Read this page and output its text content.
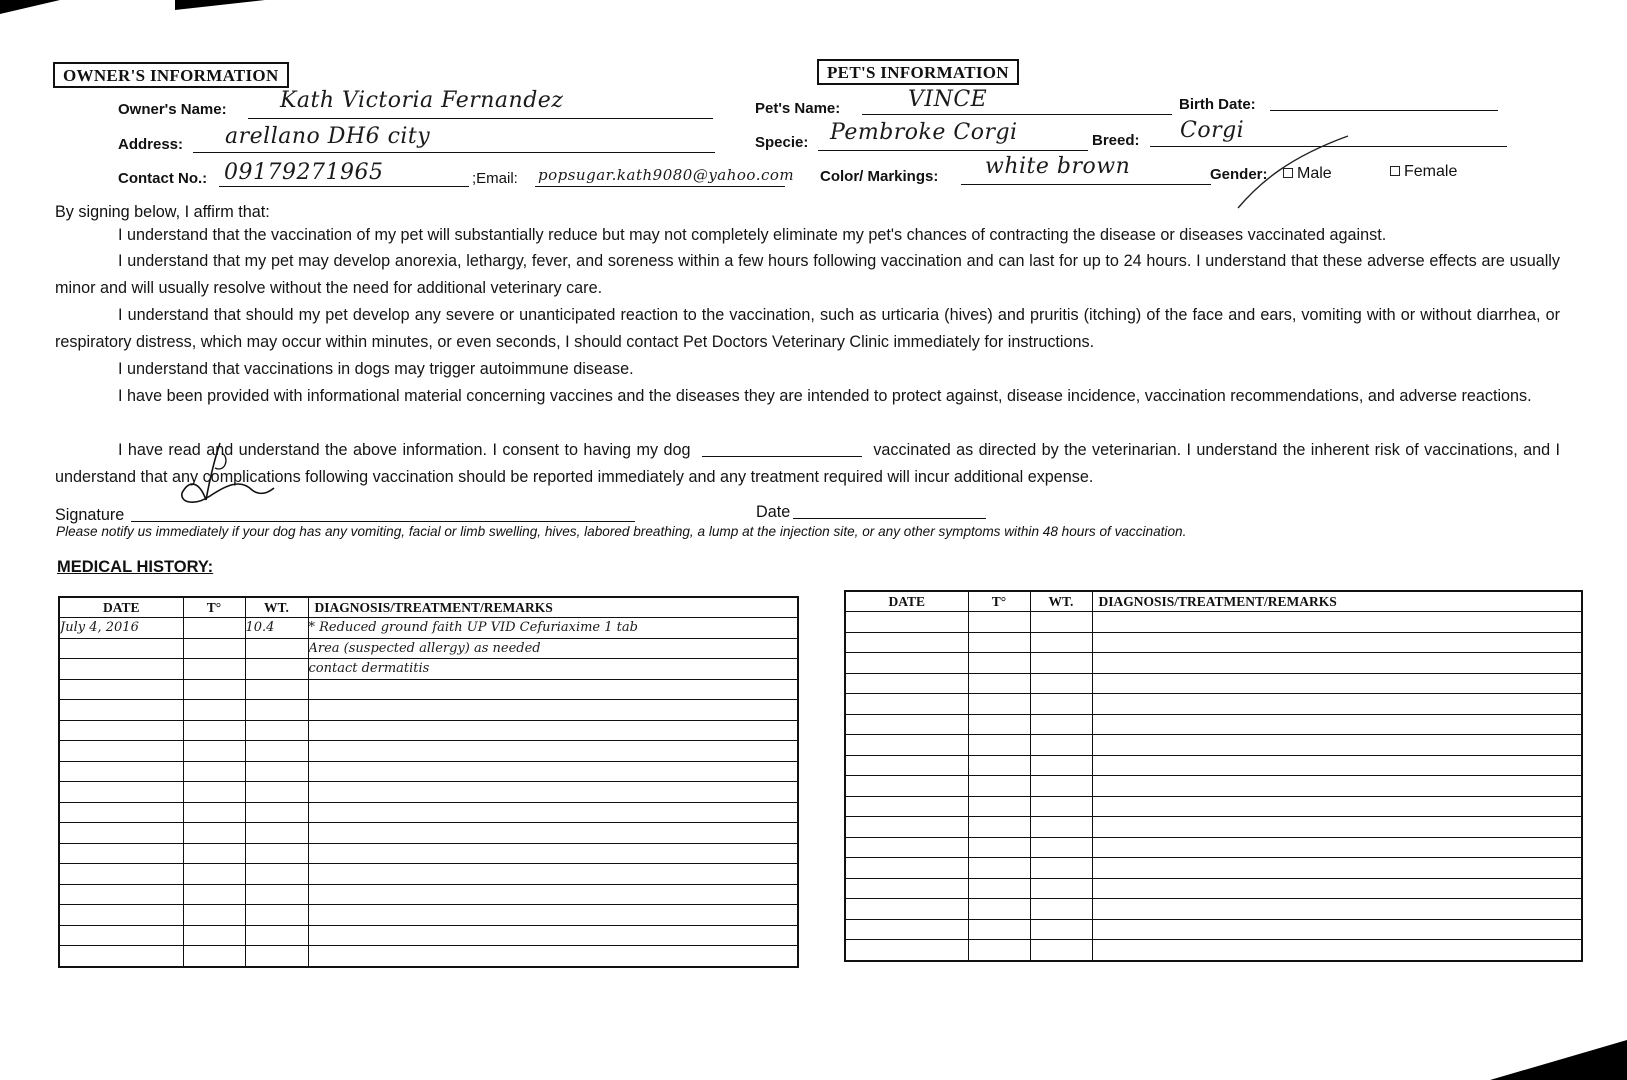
OWNER'S INFORMATION
Owner's Name: Kath Victoria Fernandez
Address: arellano DH6 city
Contact No.: 09179271965	;Email: popsugar.kath9080@yahoo.com
PET'S INFORMATION
Pet's Name:	VINCE	Birth Date:
Specie: Pembroke Corgi	Breed: Corgi
Color/ Markings: white brown	Gender:	Male	Female
By signing below, I affirm that:
I understand that the vaccination of my pet will substantially reduce but may not completely eliminate my pet's chances of contracting the disease or diseases vaccinated against.
I understand that my pet may develop anorexia, lethargy, fever, and soreness within a few hours following vaccination and can last for up to 24 hours. I understand that these adverse effects are usually minor and will usually resolve without the need for additional veterinary care.
I understand that should my pet develop any severe or unanticipated reaction to the vaccination, such as urticaria (hives) and pruritis (itching) of the face and ears, vomiting with or without diarrhea, or respiratory distress, which may occur within minutes, or even seconds, I should contact Pet Doctors Veterinary Clinic immediately for instructions.
I understand that vaccinations in dogs may trigger autoimmune disease.
I have been provided with informational material concerning vaccines and the diseases they are intended to protect against, disease incidence, vaccination recommendations, and adverse reactions.
I have read and understand the above information. I consent to having my dog	vaccinated as directed by the veterinarian. I understand the inherent risk of vaccinations, and I understand that any complications following vaccination should be reported immediately and any treatment required will incur additional expense.
Signature	Date
Please notify us immediately if your dog has any vomiting, facial or limb swelling, hives, labored breathing, a lump at the injection site, or any other symptoms within 48 hours of vaccination.
MEDICAL HISTORY:
DATE	T°	WT.	DIAGNOSIS/TREATMENT/REMARKS
July 4, 2016		10.4	* Reduced ground faith UP VID Cefuriaxime 1 tab
			Area (suspected allergy) as needed
			contact dermatitis

DATE	T°	WT.	DIAGNOSIS/TREATMENT/REMARKS
